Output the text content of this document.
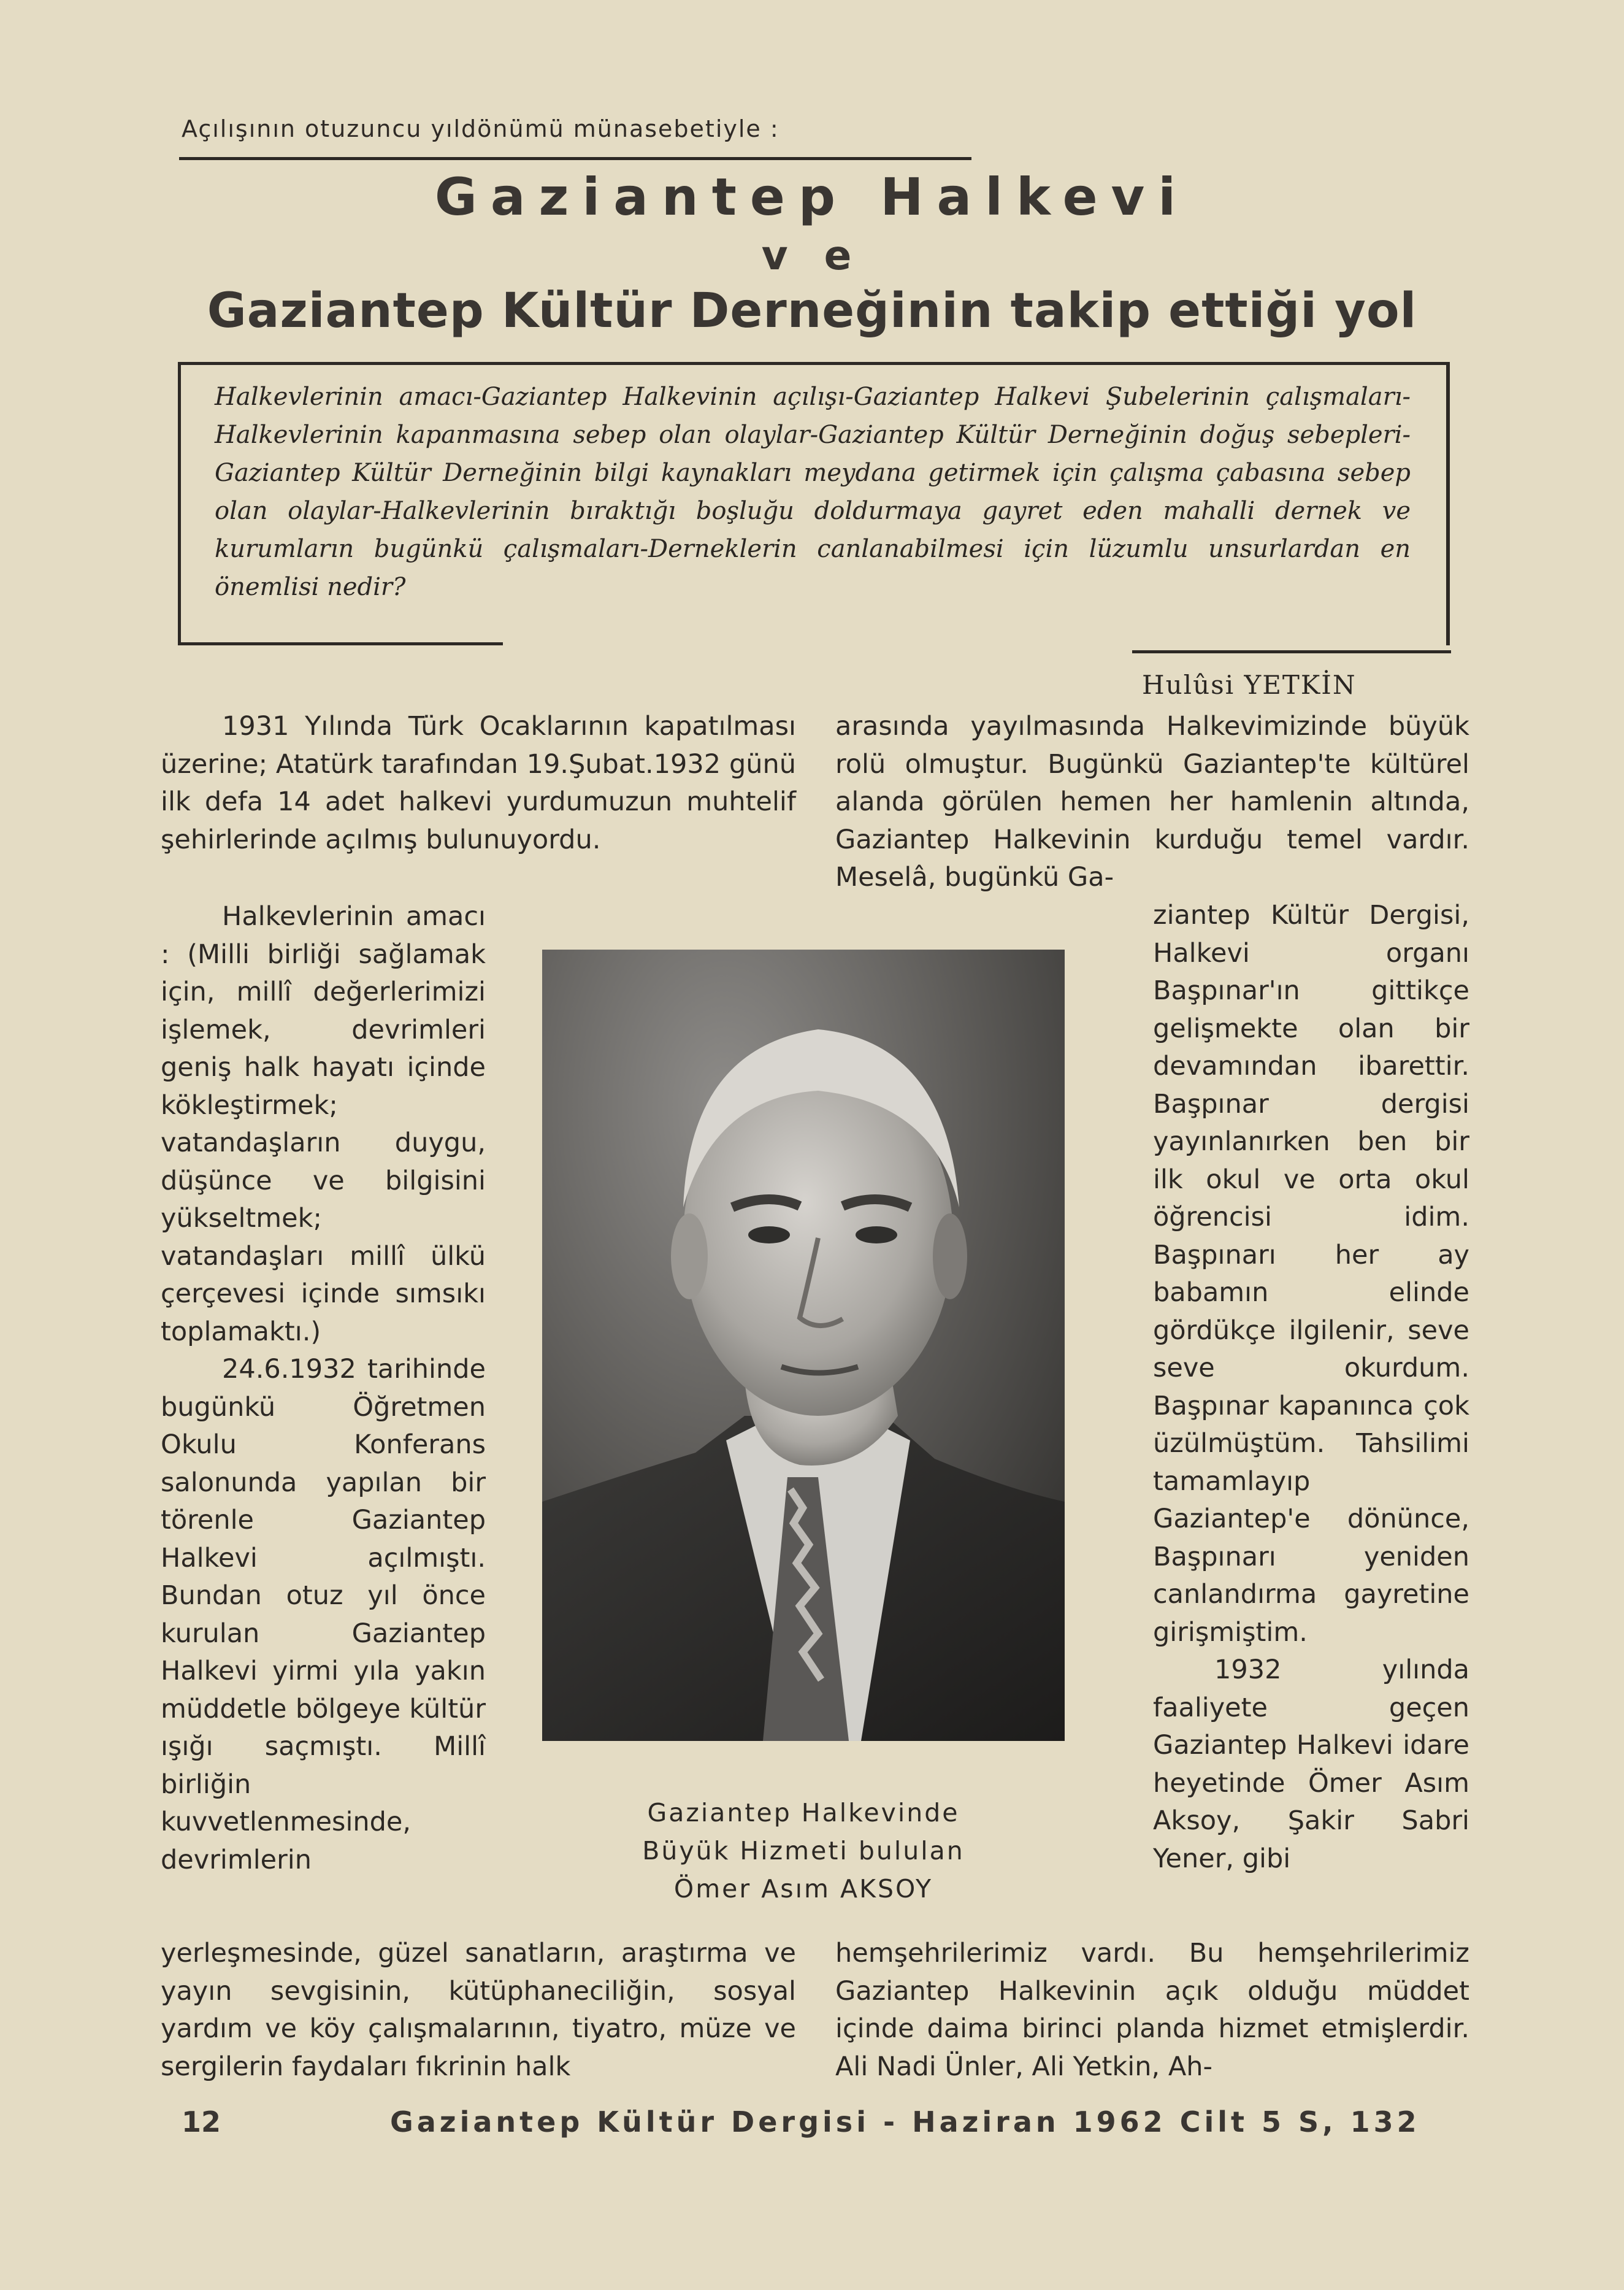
Açılışının otuzuncu yıldönümü münasebetiyle :
Gaziantep Halkevi
v e
Gaziantep Kültür Derneğinin takip ettiği yol
Halkevlerinin amacı-Gaziantep Halkevinin açılışı-Gaziantep Halkevi Şubelerinin çalışmaları-Halkevlerinin kapanmasına sebep olan olaylar-Gaziantep Kültür Derneğinin doğuş sebepleri-Gaziantep Kültür Derneğinin bilgi kaynakları meydana getirmek için çalışma çabasına sebep olan olaylar-Halkevlerinin bıraktığı boşluğu doldurmaya gayret eden mahalli dernek ve kurumların bugünkü çalışmaları-Derneklerin canlanabilmesi için lüzumlu unsurlardan en önemlisi nedir?
Hulûsi YETKİN

1931 Yılında Türk Ocaklarının kapatılması üzerine; Atatürk tarafından 19.Şubat.1932 günü ilk defa 14 adet halkevi yurdumuzun muhtelif şehirlerinde açılmış bulunuyordu.

Halkevlerinin amacı : (Milli birliği sağlamak için, millî değerlerimizi işlemek, devrimleri geniş halk hayatı içinde kökleştirmek; vatandaşların duygu, düşünce ve bilgisini yükseltmek; vatandaşları millî ülkü çerçevesi içinde sımsıkı toplamaktı.)

24.6.1932 tarihinde bugünkü Öğretmen Okulu Konferans salonunda yapılan bir törenle Gaziantep Halkevi açılmıştı. Bundan otuz yıl önce kurulan Gaziantep Halkevi yirmi yıla yakın müddetle bölgeye kültür ışığı saçmıştı. Millî birliğin kuvvetlenmesinde, devrimlerin

yerleşmesinde, güzel sanatların, araştırma ve yayın sevgisinin, kütüphaneciliğin, sosyal yardım ve köy çalışmalarının, tiyatro, müze ve sergilerin faydaları fıkrinin halk

arasında yayılmasında Halkevimizinde büyük rolü olmuştur. Bugünkü Gaziantep'te kültürel alanda görülen hemen her hamlenin altında, Gaziantep Halkevinin kurduğu temel vardır. Meselâ, bugünkü Ga-

ziantep Kültür Dergisi, Halkevi organı Başpınar'ın gittikçe gelişmekte olan bir devamından ibarettir. Başpınar dergisi yayınlanırken ben bir ilk okul ve orta okul öğrencisi idim. Başpınarı her ay babamın elinde gördükçe ilgilenir, seve seve okurdum. Başpınar kapanınca çok üzülmüştüm. Tahsilimi tamamlayıp Gaziantep'e dönünce, Başpınarı yeniden canlandırma gayretine girişmiştim.

1932 yılında faaliyete geçen Gaziantep Halkevi idare heyetinde Ömer Asım Aksoy, Şakir Sabri Yener, gibi

hemşehrilerimiz vardı. Bu hemşehrilerimiz Gaziantep Halkevinin açık olduğu müddet içinde daima birinci planda hizmet etmişlerdir. Ali Nadi Ünler, Ali Yetkin, Ah-

Gaziantep Halkevinde
Büyük Hizmeti bululan
Ömer Asım AKSOY
12	Gaziantep Kültür Dergisi - Haziran 1962 Cilt 5 S, 132
